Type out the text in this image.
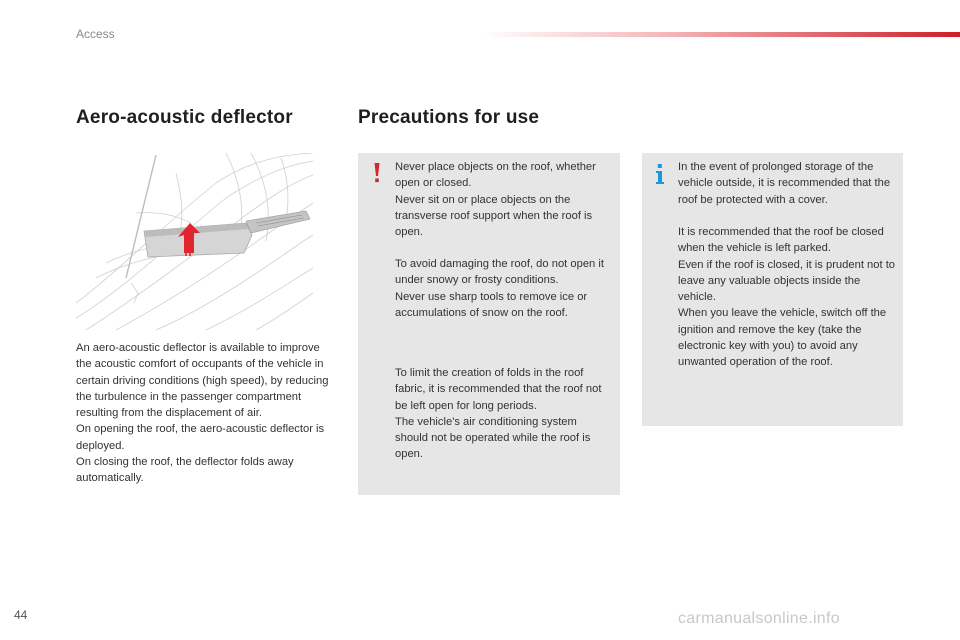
Access
Aero-acoustic deflector	Precautions for use
An aero-acoustic deflector is available to improve the acoustic comfort of occupants of the vehicle in certain driving conditions (high speed), by reducing the turbulence in the passenger compartment resulting from the displacement of air.
On opening the roof, the aero-acoustic deflector is deployed.
On closing the roof, the deflector folds away automatically.

Never place objects on the roof, whether open or closed.
Never sit on or place objects on the transverse roof support when the roof is open.

To avoid damaging the roof, do not open it under snowy or frosty conditions.
Never use sharp tools to remove ice or accumulations of snow on the roof.

To limit the creation of folds in the roof fabric, it is recommended that the roof not be left open for long periods.
The vehicle's air conditioning system should not be operated while the roof is open.

In the event of prolonged storage of the vehicle outside, it is recommended that the roof be protected with a cover.

It is recommended that the roof be closed when the vehicle is left parked.
Even if the roof is closed, it is prudent not to leave any valuable objects inside the vehicle.
When you leave the vehicle, switch off the ignition and remove the key (take the electronic key with you) to avoid any unwanted operation of the roof.

44	carmanualsonline.info
